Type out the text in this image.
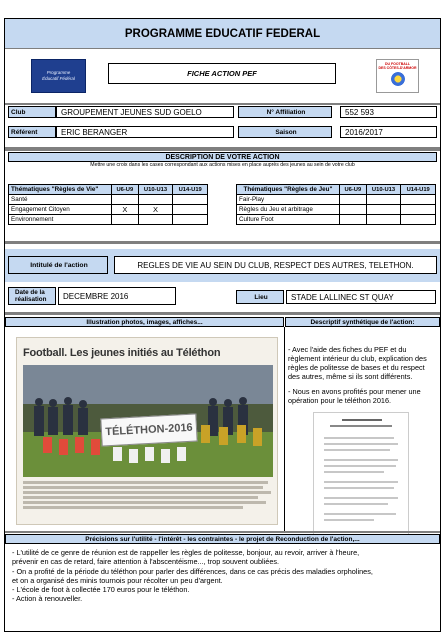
PROGRAMME EDUCATIF FEDERAL
Programme
Éducatif Fédéral
DU FOOTBALL
DES CÔTES-D'ARMOR
FICHE ACTION PEF
Club	GROUPEMENT JEUNES SUD GOELO	N° Affiliation	552 593
Référent	ERIC BERANGER	Saison	2016/2017
DESCRIPTION DE VOTRE ACTION
Mettre une croix dans les cases correspondant aux actions mises en place auprès des jeunes au sein de votre club
Thématiques "Règles de Vie"	U6-U9	U10-U13	U14-U19
Santé			
Engagement Citoyen	X	X	
Environnement			
Thématiques "Règles de Jeu"	U6-U9	U10-U13	U14-U19
Fair-Play			
Règles du Jeu et arbitrage			
Culture Foot			
Intitulé de l'action	REGLES DE VIE AU SEIN DU CLUB, RESPECT DES AUTRES, TELETHON.
Date de la
réalisation	DECEMBRE 2016	Lieu	STADE LALLINEC ST QUAY
Illustration photos, images, affiches...	Descriptif synthétique de l'action:
Football. Les jeunes initiés au Téléthon
TÉLÉTHON-2016

- Avec l'aide des fiches du PEF et du règlement intérieur du club, explication des règles de politesse de bases et du respect des autres, même si ils sont différents.

- Nous en avons profités pour mener une opération pour le téléthon 2016.

Précisions sur l'utilité - l'intérêt - les contraintes - le projet de Reconduction de l'action,...
- L'utilité de ce genre de réunion est de rappeller les règles de politesse, bonjour, au revoir, arriver à l'heure,
prévenir en cas de retard, faire attention à l'abscentéisme..., trop souvent oubliées.
- On a profité de la période du téléthon pour parler des différences, dans ce cas précis des maladies orpholines,
et on a organisé des minis tournois pour récolter un peu d'argent.
- L'école de foot à collectée 170 euros pour le téléthon.
- Action à renouveller.
